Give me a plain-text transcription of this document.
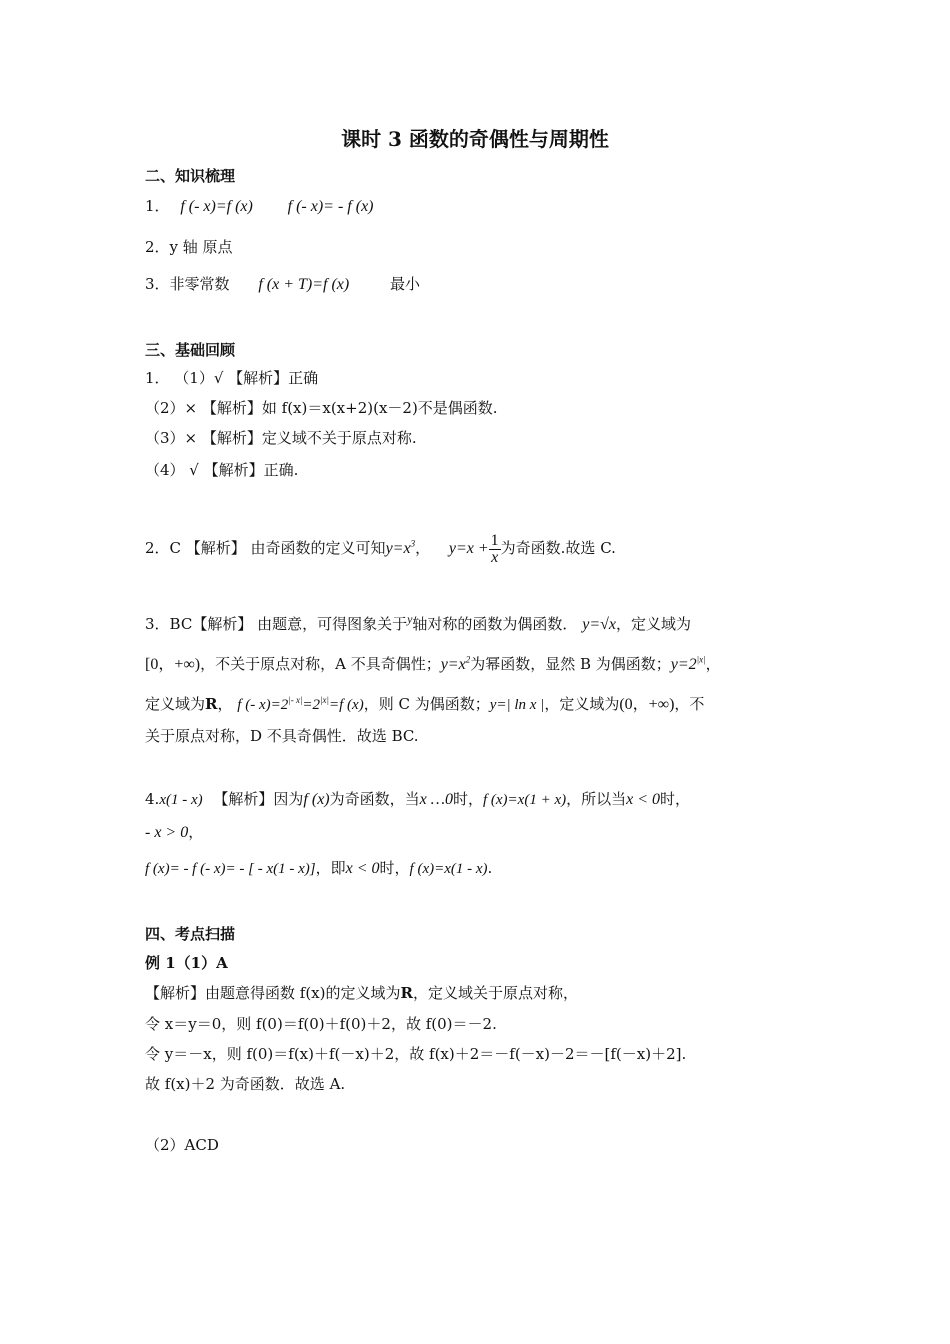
课时 3 函数的奇偶性与周期性
二、知识梳理
1． f (- x)=f (x) f (- x)= - f (x)
2．y 轴 原点
3．非零常数 f (x + T)=f (x)	最小
三、基础回顾
1． （1）√ 【解析】正确
（2）× 【解析】如 f(x)＝x(x+2)(x－2)不是偶函数.
（3）× 【解析】定义域不关于原点对称.
（4） √ 【解析】正确.
2．C 【解析】 由奇函数的定义可知$y=x^3$， $y=x + \frac{1}{x}$ 为奇函数.故选 C.
3．BC【解析】 由题意，可得图象关于$^y$轴对称的函数为偶函数． y=√x，定义域为
[0，+∞)，不关于原点对称，A 不具奇偶性；$y=x^2$为幂函数，显然 B 为偶函数；$y=2^{|x|}$，
定义域为R， f (- $x)=2^{|- x|}=2^{|x|}=f$ (x)，则 C 为偶函数；y=| ln x |，定义域为(0，+∞)，不
关于原点对称，D 不具奇偶性．故选 BC.
4.x(1 - x) 【解析】因为f (x)为奇函数，当x …0时，f (x)=x(1 + x)，所以当x < 0时，
- x > 0，
f (x)= - f (- x)= - [ - x(1 - x)]，即x < 0时，f (x)=x(1 - x).
四、考点扫描
例 1（1）A
【解析】由题意得函数 f(x)的定义域为R，定义域关于原点对称，
令 x＝y＝0，则 f(0)＝f(0)＋f(0)＋2，故 f(0)＝－2.
令 y＝－x，则 f(0)＝f(x)＋f(－x)＋2，故 f(x)＋2＝－f(－x)－2＝－[f(－x)＋2].
故 f(x)＋2 为奇函数．故选 A.
（2）ACD
